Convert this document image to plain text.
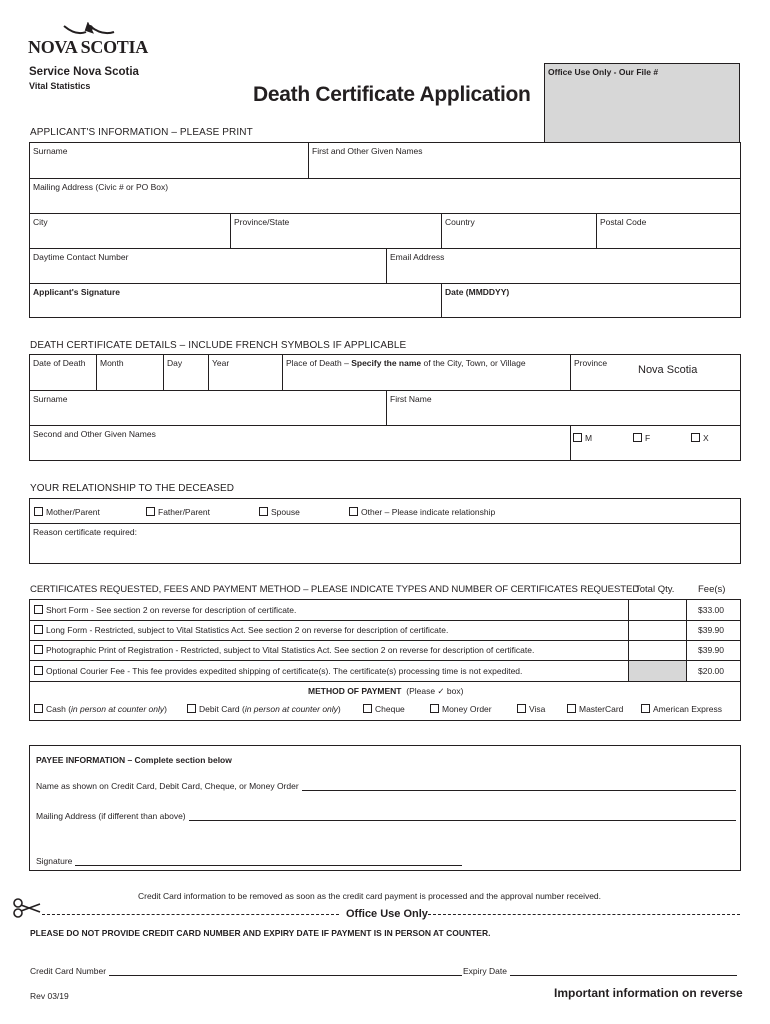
NOVA SCOTIA
Service Nova Scotia
Vital Statistics	Death Certificate Application
Office Use Only - Our File #
APPLICANT'S INFORMATION – PLEASE PRINT
Surname	First and Other Given Names
Mailing Address (Civic # or PO Box)
City	Province/State	Country	Postal Code
Daytime Contact Number	Email Address
Applicant's Signature	Date (MMDDYY)
DEATH CERTIFICATE DETAILS – INCLUDE FRENCH SYMBOLS IF APPLICABLE
Date of Death	Month	Day	Year	Place of Death – Specify the name of the City, Town, or Village	Province
Nova Scotia
Surname	First Name
Second and Other Given Names	M	F	X
YOUR RELATIONSHIP TO THE DECEASED
Mother/Parent	Father/Parent	Spouse	Other – Please indicate relationship
Reason certificate required:
CERTIFICATES REQUESTED, FEES AND PAYMENT METHOD – PLEASE INDICATE TYPES AND NUMBER OF CERTIFICATES REQUESTED
Total Qty. Fee(s)
Short Form - See section 2 on reverse for description of certificate.	$33.00
Long Form - Restricted, subject to Vital Statistics Act. See section 2 on reverse for description of certificate.	$39.90
Photographic Print of Registration - Restricted, subject to Vital Statistics Act. See section 2 on reverse for description of certificate.	$39.90
Optional Courier Fee - This fee provides expedited shipping of certificate(s). The certificate(s) processing time is not expedited.	$20.00
METHOD OF PAYMENT (Please ✓ box)
Cash (in person at counter only)	Debit Card (in person at counter only)	Cheque	Money Order	Visa	MasterCard	American Express
PAYEE INFORMATION – Complete section below
Name as shown on Credit Card, Debit Card, Cheque, or Money Order
Mailing Address (if different than above)
Signature
Credit Card information to be removed as soon as the credit card payment is processed and the approval number received.
Office Use Only
PLEASE DO NOT PROVIDE CREDIT CARD NUMBER AND EXPIRY DATE IF PAYMENT IS IN PERSON AT COUNTER.
Credit Card Number	Expiry Date
Rev 03/19	Important information on reverse
